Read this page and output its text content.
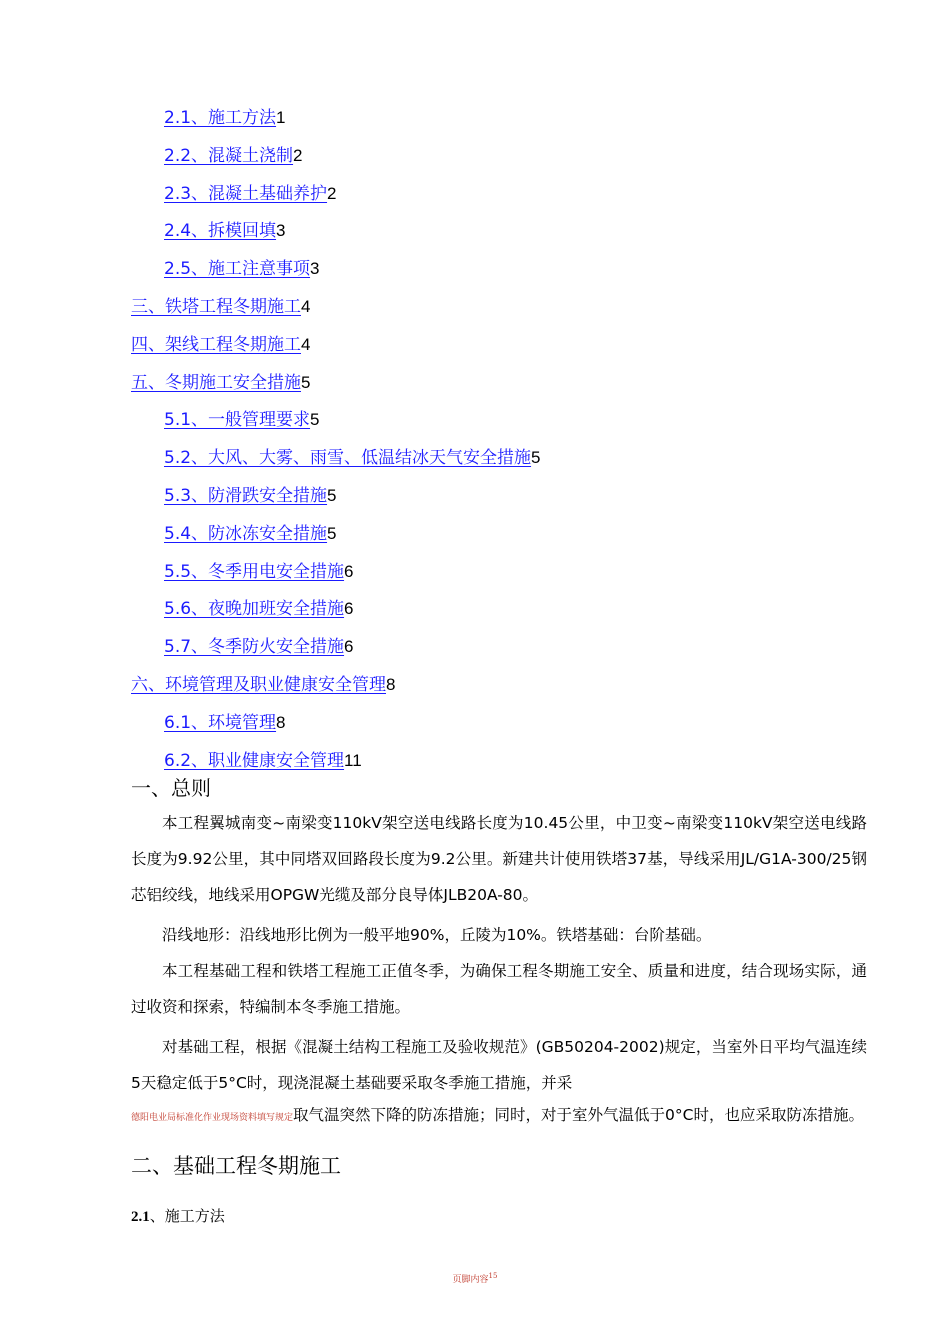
2.1、施工方法1
2.2、混凝土浇制2
2.3、混凝土基础养护2
2.4、拆模回填3
2.5、施工注意事项3
三、铁塔工程冬期施工4
四、架线工程冬期施工4
五、冬期施工安全措施5
5.1、一般管理要求5
5.2、大风、大雾、雨雪、低温结冰天气安全措施5
5.3、防滑跌安全措施5
5.4、防冰冻安全措施5
5.5、冬季用电安全措施6
5.6、夜晚加班安全措施6
5.7、冬季防火安全措施6
六、环境管理及职业健康安全管理8
6.1、环境管理8
6.2、职业健康安全管理11
一、总则
本工程翼城南变~南梁变110kV架空送电线路长度为10.45公里，中卫变~南梁变110kV架空送电线路长度为9.92公里，其中同塔双回路段长度为9.2公里。新建共计使用铁塔37基，导线采用JL/G1A-300/25钢芯铝绞线，地线采用OPGW光缆及部分良导体JLB20A-80。
沿线地形：沿线地形比例为一般平地90%，丘陵为10%。铁塔基础：台阶基础。
本工程基础工程和铁塔工程施工正值冬季，为确保工程冬期施工安全、质量和进度，结合现场实际，通过收资和探索，特编制本冬季施工措施。
对基础工程，根据《混凝土结构工程施工及验收规范》(GB50204-2002)规定，当室外日平均气温连续5天稳定低于5°C时，现浇混凝土基础要采取冬季施工措施，并采
德阳电业局标准化作业现场资料填写规定取气温突然下降的防冻措施；同时，对于室外气温低于0°C时，也应采取防冻措施。
二、基础工程冬期施工
2.1、施工方法
页脚内容$^{15}$
